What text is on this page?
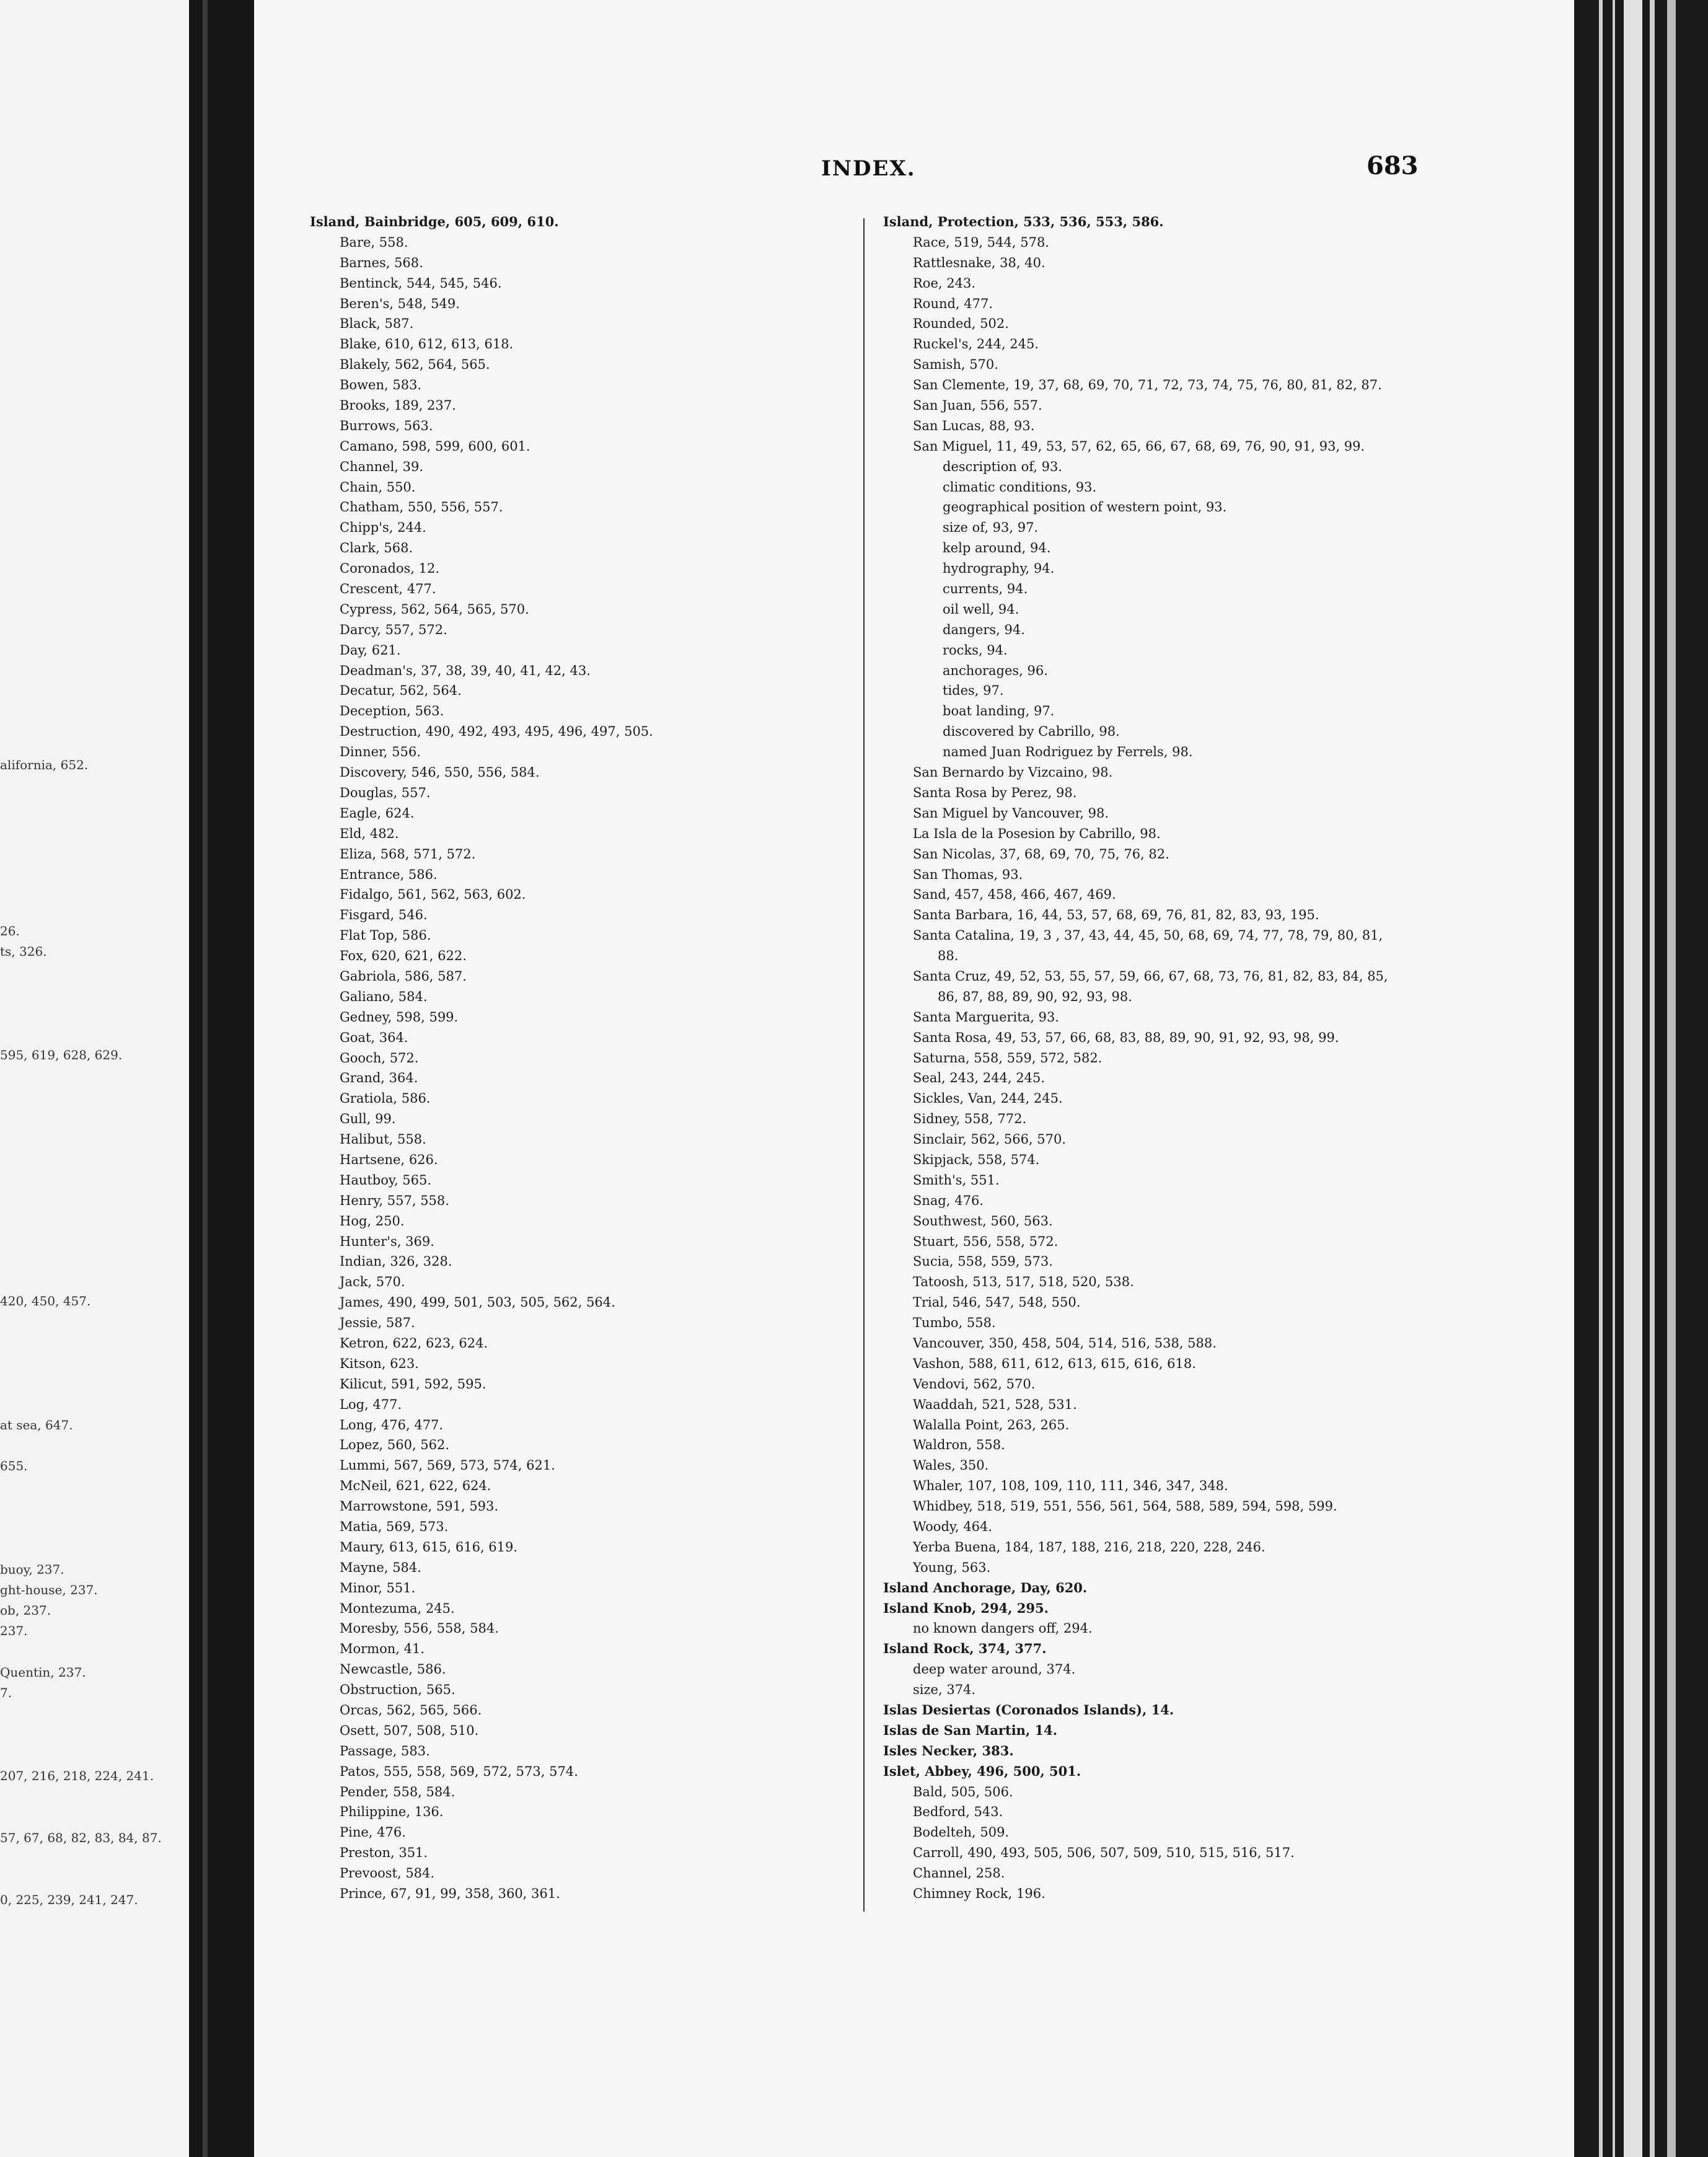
alifornia, 652.
26.
ts, 326.
595, 619, 628, 629.
420, 450, 457.
at sea, 647.
655.
buoy, 237.
ght-house, 237.
ob, 237.
237.
Quentin, 237.
7.
207, 216, 218, 224, 241.
57, 67, 68, 82, 83, 84, 87.
0, 225, 239, 241, 247.
INDEX.	683
Island, Bainbridge, 605, 609, 610.
Bare, 558.
Barnes, 568.
Bentinck, 544, 545, 546.
Beren's, 548, 549.
Black, 587.
Blake, 610, 612, 613, 618.
Blakely, 562, 564, 565.
Bowen, 583.
Brooks, 189, 237.
Burrows, 563.
Camano, 598, 599, 600, 601.
Channel, 39.
Chain, 550.
Chatham, 550, 556, 557.
Chipp's, 244.
Clark, 568.
Coronados, 12.
Crescent, 477.
Cypress, 562, 564, 565, 570.
Darcy, 557, 572.
Day, 621.
Deadman's, 37, 38, 39, 40, 41, 42, 43.
Decatur, 562, 564.
Deception, 563.
Destruction, 490, 492, 493, 495, 496, 497, 505.
Dinner, 556.
Discovery, 546, 550, 556, 584.
Douglas, 557.
Eagle, 624.
Eld, 482.
Eliza, 568, 571, 572.
Entrance, 586.
Fidalgo, 561, 562, 563, 602.
Fisgard, 546.
Flat Top, 586.
Fox, 620, 621, 622.
Gabriola, 586, 587.
Galiano, 584.
Gedney, 598, 599.
Goat, 364.
Gooch, 572.
Grand, 364.
Gratiola, 586.
Gull, 99.
Halibut, 558.
Hartsene, 626.
Hautboy, 565.
Henry, 557, 558.
Hog, 250.
Hunter's, 369.
Indian, 326, 328.
Jack, 570.
James, 490, 499, 501, 503, 505, 562, 564.
Jessie, 587.
Ketron, 622, 623, 624.
Kitson, 623.
Kilicut, 591, 592, 595.
Log, 477.
Long, 476, 477.
Lopez, 560, 562.
Lummi, 567, 569, 573, 574, 621.
McNeil, 621, 622, 624.
Marrowstone, 591, 593.
Matia, 569, 573.
Maury, 613, 615, 616, 619.
Mayne, 584.
Minor, 551.
Montezuma, 245.
Moresby, 556, 558, 584.
Mormon, 41.
Newcastle, 586.
Obstruction, 565.
Orcas, 562, 565, 566.
Osett, 507, 508, 510.
Passage, 583.
Patos, 555, 558, 569, 572, 573, 574.
Pender, 558, 584.
Philippine, 136.
Pine, 476.
Preston, 351.
Prevoost, 584.
Prince, 67, 91, 99, 358, 360, 361.
Island, Protection, 533, 536, 553, 586.
Race, 519, 544, 578.
Rattlesnake, 38, 40.
Roe, 243.
Round, 477.
Rounded, 502.
Ruckel's, 244, 245.
Samish, 570.
San Clemente, 19, 37, 68, 69, 70, 71, 72, 73, 74, 75, 76, 80, 81, 82, 87.
San Juan, 556, 557.
San Lucas, 88, 93.
San Miguel, 11, 49, 53, 57, 62, 65, 66, 67, 68, 69, 76, 90, 91, 93, 99.
description of, 93.
climatic conditions, 93.
geographical position of western point, 93.
size of, 93, 97.
kelp around, 94.
hydrography, 94.
currents, 94.
oil well, 94.
dangers, 94.
rocks, 94.
anchorages, 96.
tides, 97.
boat landing, 97.
discovered by Cabrillo, 98.
named Juan Rodriguez by Ferrels, 98.
San Bernardo by Vizcaino, 98.
Santa Rosa by Perez, 98.
San Miguel by Vancouver, 98.
La Isla de la Posesion by Cabrillo, 98.
San Nicolas, 37, 68, 69, 70, 75, 76, 82.
San Thomas, 93.
Sand, 457, 458, 466, 467, 469.
Santa Barbara, 16, 44, 53, 57, 68, 69, 76, 81, 82, 83, 93, 195.
Santa Catalina, 19, 3 , 37, 43, 44, 45, 50, 68, 69, 74, 77, 78, 79, 80, 81,
88.
Santa Cruz, 49, 52, 53, 55, 57, 59, 66, 67, 68, 73, 76, 81, 82, 83, 84, 85,
86, 87, 88, 89, 90, 92, 93, 98.
Santa Marguerita, 93.
Santa Rosa, 49, 53, 57, 66, 68, 83, 88, 89, 90, 91, 92, 93, 98, 99.
Saturna, 558, 559, 572, 582.
Seal, 243, 244, 245.
Sickles, Van, 244, 245.
Sidney, 558, 772.
Sinclair, 562, 566, 570.
Skipjack, 558, 574.
Smith's, 551.
Snag, 476.
Southwest, 560, 563.
Stuart, 556, 558, 572.
Sucia, 558, 559, 573.
Tatoosh, 513, 517, 518, 520, 538.
Trial, 546, 547, 548, 550.
Tumbo, 558.
Vancouver, 350, 458, 504, 514, 516, 538, 588.
Vashon, 588, 611, 612, 613, 615, 616, 618.
Vendovi, 562, 570.
Waaddah, 521, 528, 531.
Walalla Point, 263, 265.
Waldron, 558.
Wales, 350.
Whaler, 107, 108, 109, 110, 111, 346, 347, 348.
Whidbey, 518, 519, 551, 556, 561, 564, 588, 589, 594, 598, 599.
Woody, 464.
Yerba Buena, 184, 187, 188, 216, 218, 220, 228, 246.
Young, 563.
Island Anchorage, Day, 620.
Island Knob, 294, 295.
no known dangers off, 294.
Island Rock, 374, 377.
deep water around, 374.
size, 374.
Islas Desiertas (Coronados Islands), 14.
Islas de San Martin, 14.
Isles Necker, 383.
Islet, Abbey, 496, 500, 501.
Bald, 505, 506.
Bedford, 543.
Bodelteh, 509.
Carroll, 490, 493, 505, 506, 507, 509, 510, 515, 516, 517.
Channel, 258.
Chimney Rock, 196.
